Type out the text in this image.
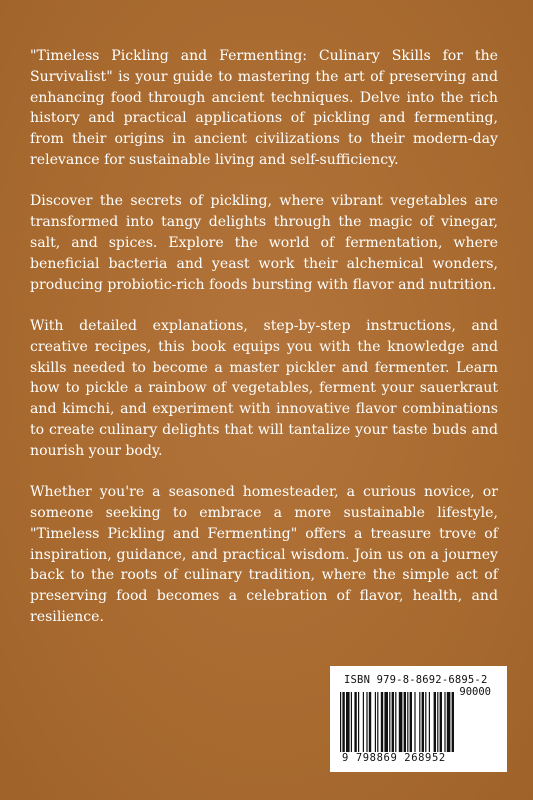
"Timeless Pickling and Fermenting: Culinary Skills for the Survivalist" is your guide to mastering the art of preserving and enhancing food through ancient techniques. Delve into the rich history and practical applications of pickling and fermenting, from their origins in ancient civilizations to their modern-day relevance for sustainable living and self-sufficiency.

Discover the secrets of pickling, where vibrant vegetables are transformed into tangy delights through the magic of vinegar, salt, and spices. Explore the world of fermentation, where beneficial bacteria and yeast work their alchemical wonders, producing probiotic-rich foods bursting with flavor and nutrition.

With detailed explanations, step-by-step instructions, and creative recipes, this book equips you with the knowledge and skills needed to become a master pickler and fermenter. Learn how to pickle a rainbow of vegetables, ferment your sauerkraut and kimchi, and experiment with innovative flavor combinations to create culinary delights that will tantalize your taste buds and nourish your body.

Whether you're a seasoned homesteader, a curious novice, or someone seeking to embrace a more sustainable lifestyle, "Timeless Pickling and Fermenting" offers a treasure trove of inspiration, guidance, and practical wisdom. Join us on a journey back to the roots of culinary tradition, where the simple act of preserving food becomes a celebration of flavor, health, and resilience.

ISBN 979-8-8692-6895-2
90000
9 798869 268952
